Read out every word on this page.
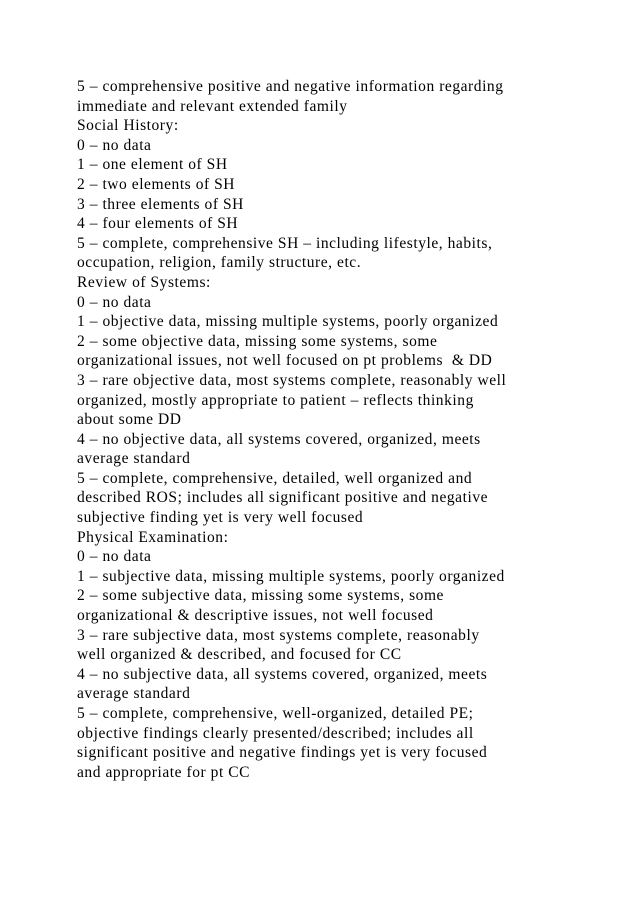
5 – comprehensive positive and negative information regarding
immediate and relevant extended family
Social History:
0 – no data
1 – one element of SH
2 – two elements of SH
3 – three elements of SH
4 – four elements of SH
5 – complete, comprehensive SH – including lifestyle, habits,
occupation, religion, family structure, etc.
Review of Systems:
0 – no data
1 – objective data, missing multiple systems, poorly organized
2 – some objective data, missing some systems, some
organizational issues, not well focused on pt problems  & DD
3 – rare objective data, most systems complete, reasonably well
organized, mostly appropriate to patient – reflects thinking
about some DD
4 – no objective data, all systems covered, organized, meets
average standard
5 – complete, comprehensive, detailed, well organized and
described ROS; includes all significant positive and negative
subjective finding yet is very well focused
Physical Examination:
0 – no data
1 – subjective data, missing multiple systems, poorly organized
2 – some subjective data, missing some systems, some
organizational & descriptive issues, not well focused
3 – rare subjective data, most systems complete, reasonably
well organized & described, and focused for CC
4 – no subjective data, all systems covered, organized, meets
average standard
5 – complete, comprehensive, well-organized, detailed PE;
objective findings clearly presented/described; includes all
significant positive and negative findings yet is very focused
and appropriate for pt CC
